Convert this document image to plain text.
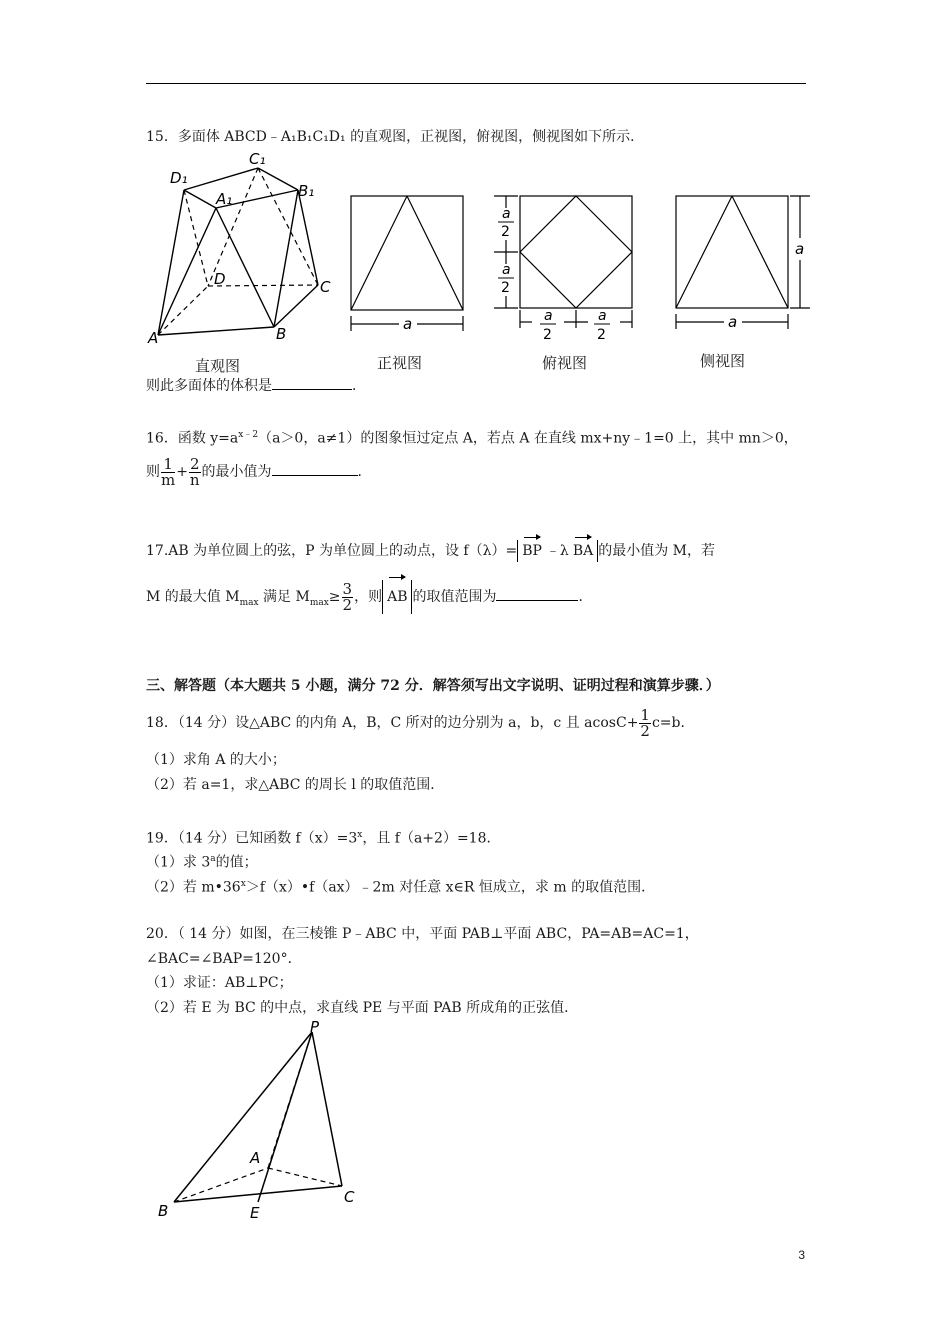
15．多面体 ABCD﹣A₁B₁C₁D₁ 的直观图，正视图，俯视图，侧视图如下所示．
D₁
C₁
A₁	B₁
D	C
A	B
直观图
a
正视图
a
2
a
2
a
2
a
2
俯视图
a
a
侧视图
则此多面体的体积是	．
16．函数 $y=a^{x﹣2}(a>0$，a≠1）的图象恒过定点 A，若点 A 在直线 mx+ny﹣1=0 上，其中 mn＞0，
则 $\frac{1}{m} + \frac{2}{n}$ 的最小值为	．
17.AB 为单位圆上的弦，P 为单位圆上的动点，设 f（λ）= BP ﹣λ BA 的最小值为 M，若
M 的最大值 $M_{max}$ 满足 $M_{max}\ge \frac{3}{2}$ ，则 AB 的取值范围为	．
三、解答题（本大题共 5 小题，满分 72 分．解答须写出文字说明、证明过程和演算步骤．）
18．（14 分）设△ABC 的内角 A，B，C 所对的边分别为 a，b，c 且 $acosC+ \frac{1}{2} c=b$．
（1）求角 A 的大小；
（2）若 a=1，求△ABC 的周长 l 的取值范围．
19．（14 分）已知函数 $f(x)=3^x$，且 f（a+2）=18．
（1）求 3$^a$的值；
（2）若 $m•36^x>f(x)•f(ax)﹣2m$ 对任意 x∈R 恒成立，求 m 的取值范围．
20．（ 14 分）如图，在三棱锥 P﹣ABC 中，平面 PAB⊥平面 ABC，PA=AB=AC=1，
∠BAC=∠BAP=120°．
（1）求证：AB⊥PC；
（2）若 E 为 BC 的中点，求直线 PE 与平面 PAB 所成角的正弦值．
P
A
B
C
E
3
